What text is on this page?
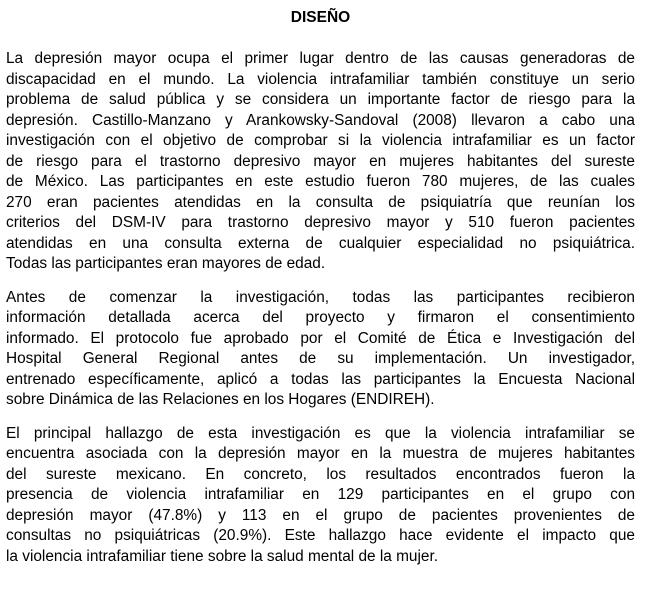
DISEÑO

La depresión mayor ocupa el primer lugar dentro de las causas generadoras de
discapacidad en el mundo. La violencia intrafamiliar también constituye un serio
problema de salud pública y se considera un importante factor de riesgo para la
depresión. Castillo-Manzano y Arankowsky-Sandoval (2008) llevaron a cabo una
investigación con el objetivo de comprobar si la violencia intrafamiliar es un factor
de riesgo para el trastorno depresivo mayor en mujeres habitantes del sureste
de México. Las participantes en este estudio fueron 780 mujeres, de las cuales
270 eran pacientes atendidas en la consulta de psiquiatría que reunían los
criterios del DSM-IV para trastorno depresivo mayor y 510 fueron pacientes
atendidas en una consulta externa de cualquier especialidad no psiquiátrica.
Todas las participantes eran mayores de edad.

Antes de comenzar la investigación, todas las participantes recibieron
información detallada acerca del proyecto y firmaron el consentimiento
informado. El protocolo fue aprobado por el Comité de Ética e Investigación del
Hospital General Regional antes de su implementación. Un investigador,
entrenado específicamente, aplicó a todas las participantes la Encuesta Nacional
sobre Dinámica de las Relaciones en los Hogares (ENDIREH).

El principal hallazgo de esta investigación es que la violencia intrafamiliar se
encuentra asociada con la depresión mayor en la muestra de mujeres habitantes
del sureste mexicano. En concreto, los resultados encontrados fueron la
presencia de violencia intrafamiliar en 129 participantes en el grupo con
depresión mayor (47.8%) y 113 en el grupo de pacientes provenientes de
consultas no psiquiátricas (20.9%). Este hallazgo hace evidente el impacto que
la violencia intrafamiliar tiene sobre la salud mental de la mujer.
